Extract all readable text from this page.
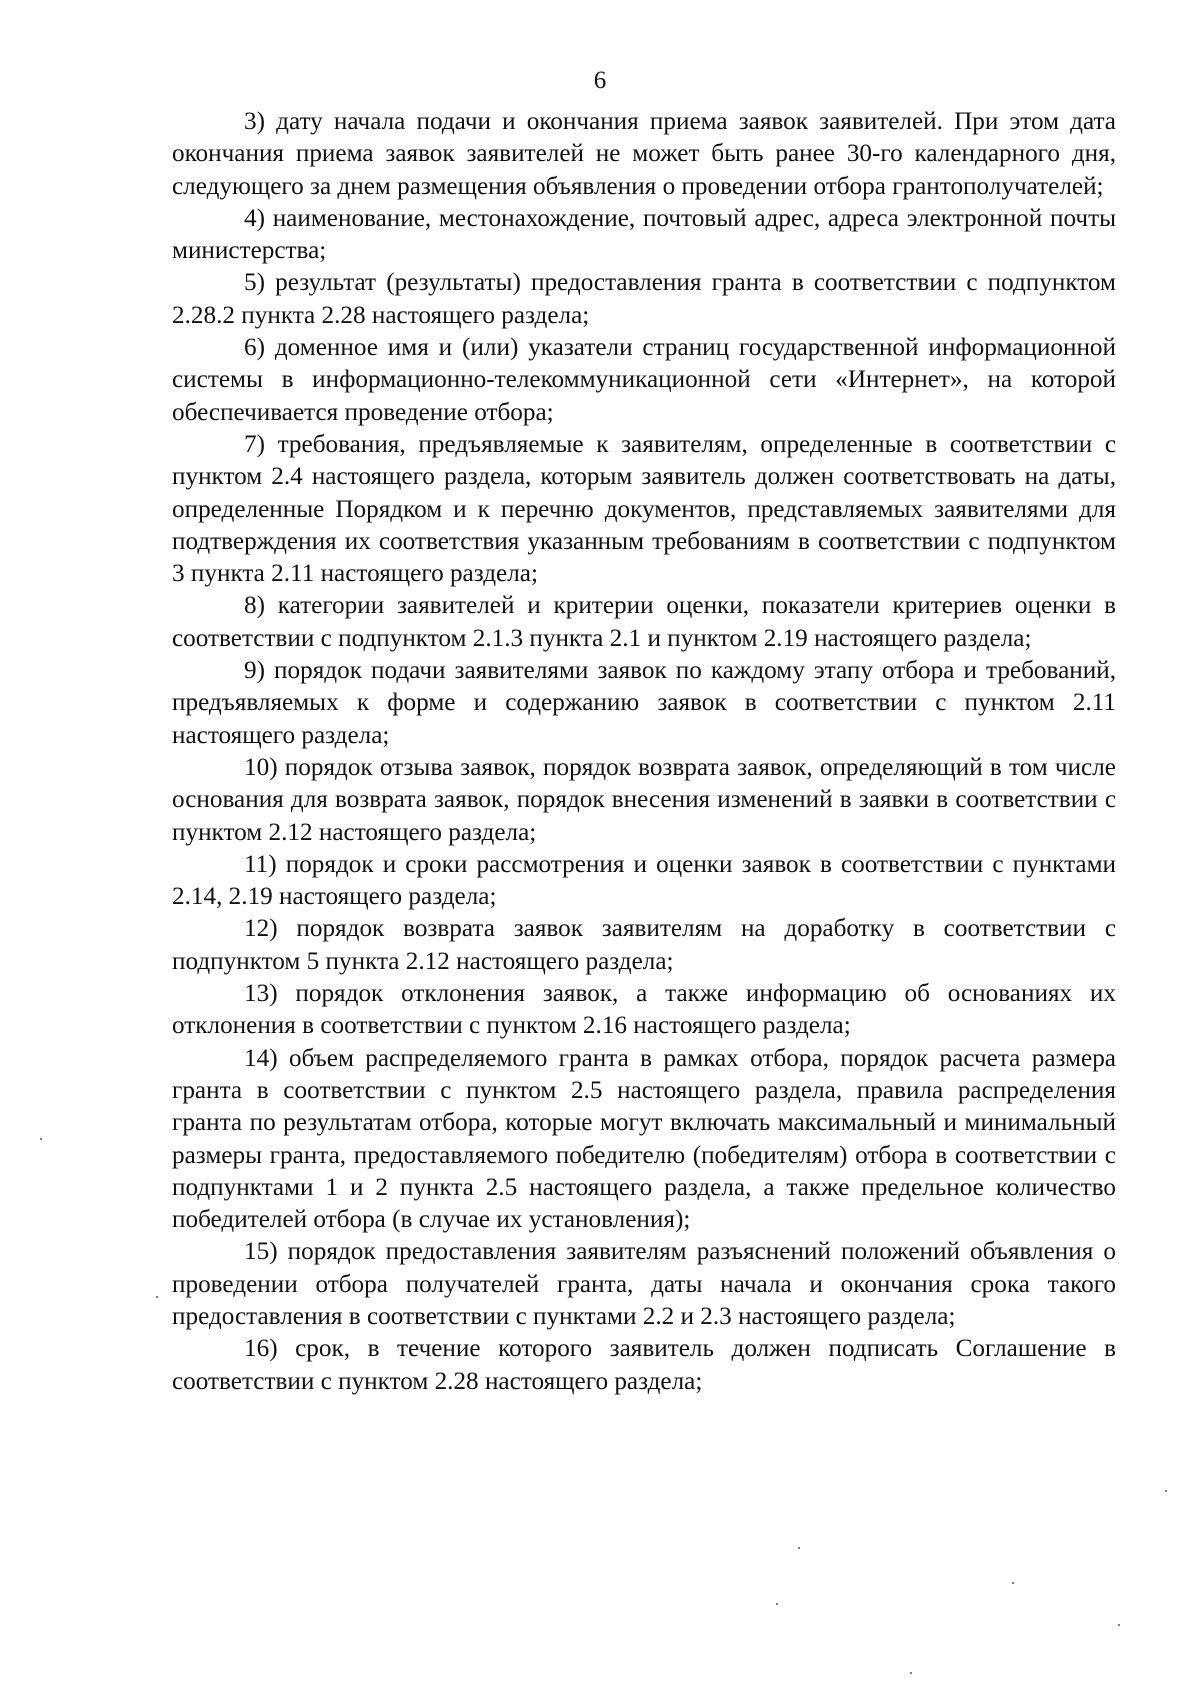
6

3) дату начала подачи и окончания приема заявок заявителей. При этом дата окончания приема заявок заявителей не может быть ранее 30-го календарного дня, следующего за днем размещения объявления о проведении отбора грантополучателей;

4) наименование, местонахождение, почтовый адрес, адреса электронной почты министерства;

5) результат (результаты) предоставления гранта в соответствии с подпунктом 2.28.2 пункта 2.28 настоящего раздела;

6) доменное имя и (или) указатели страниц государственной информационной системы в информационно-телекоммуникационной сети «Интернет», на которой обеспечивается проведение отбора;

7) требования, предъявляемые к заявителям, определенные в соответствии с пунктом 2.4 настоящего раздела, которым заявитель должен соответствовать на даты, определенные Порядком и к перечню документов, представляемых заявителями для подтверждения их соответствия указанным требованиям в соответствии с подпунктом 3 пункта 2.11 настоящего раздела;

8) категории заявителей и критерии оценки, показатели критериев оценки в соответствии с подпунктом 2.1.3 пункта 2.1 и пунктом 2.19 настоящего раздела;

9) порядок подачи заявителями заявок по каждому этапу отбора и требований, предъявляемых к форме и содержанию заявок в соответствии с пунктом 2.11 настоящего раздела;

10) порядок отзыва заявок, порядок возврата заявок, определяющий в том числе основания для возврата заявок, порядок внесения изменений в заявки в соответствии с пунктом 2.12 настоящего раздела;

11) порядок и сроки рассмотрения и оценки заявок в соответствии с пунктами 2.14, 2.19 настоящего раздела;

12) порядок возврата заявок заявителям на доработку в соответствии с подпунктом 5 пункта 2.12 настоящего раздела;

13) порядок отклонения заявок, а также информацию об основаниях их отклонения в соответствии с пунктом 2.16 настоящего раздела;

14) объем распределяемого гранта в рамках отбора, порядок расчета размера гранта в соответствии с пунктом 2.5 настоящего раздела, правила распределения гранта по результатам отбора, которые могут включать максимальный и минимальный размеры гранта, предоставляемого победителю (победителям) отбора в соответствии с подпунктами 1 и 2 пункта 2.5 настоящего раздела, а также предельное количество победителей отбора (в случае их установления);

15) порядок предоставления заявителям разъяснений положений объявления о проведении отбора получателей гранта, даты начала и окончания срока такого предоставления в соответствии с пунктами 2.2 и 2.3 настоящего раздела;

16) срок, в течение которого заявитель должен подписать Соглашение в соответствии с пунктом 2.28 настоящего раздела;
